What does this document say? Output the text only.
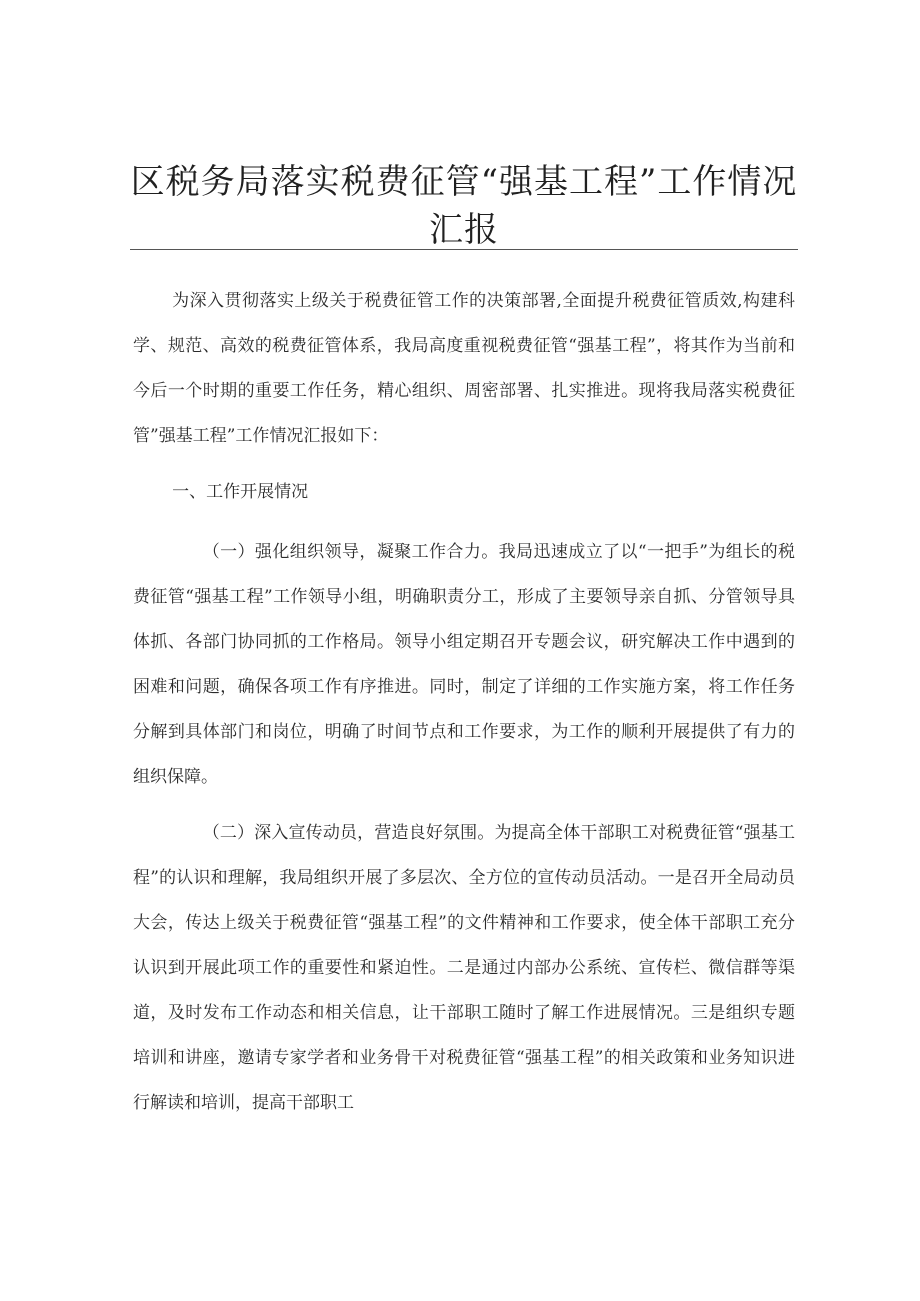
区税务局落实税费征管“强基工程”工作情况汇报

为深入贯彻落实上级关于税费征管工作的决策部署,全面提升税费征管质效,构建科学、规范、高效的税费征管体系，我局高度重视税费征管“强基工程”，将其作为当前和今后一个时期的重要工作任务，精心组织、周密部署、扎实推进。现将我局落实税费征管”强基工程”工作情况汇报如下：

一、工作开展情况

（一）强化组织领导，凝聚工作合力。我局迅速成立了以“一把手”为组长的税费征管“强基工程”工作领导小组，明确职责分工，形成了主要领导亲自抓、分管领导具体抓、各部门协同抓的工作格局。领导小组定期召开专题会议，研究解决工作中遇到的困难和问题，确保各项工作有序推进。同时，制定了详细的工作实施方案，将工作任务分解到具体部门和岗位，明确了时间节点和工作要求，为工作的顺利开展提供了有力的组织保障。

（二）深入宣传动员，营造良好氛围。为提高全体干部职工对税费征管“强基工程”的认识和理解，我局组织开展了多层次、全方位的宣传动员活动。一是召开全局动员大会，传达上级关于税费征管“强基工程”的文件精神和工作要求，使全体干部职工充分认识到开展此项工作的重要性和紧迫性。二是通过内部办公系统、宣传栏、微信群等渠道，及时发布工作动态和相关信息，让干部职工随时了解工作进展情况。三是组织专题培训和讲座，邀请专家学者和业务骨干对税费征管“强基工程”的相关政策和业务知识进行解读和培训，提高干部职工
